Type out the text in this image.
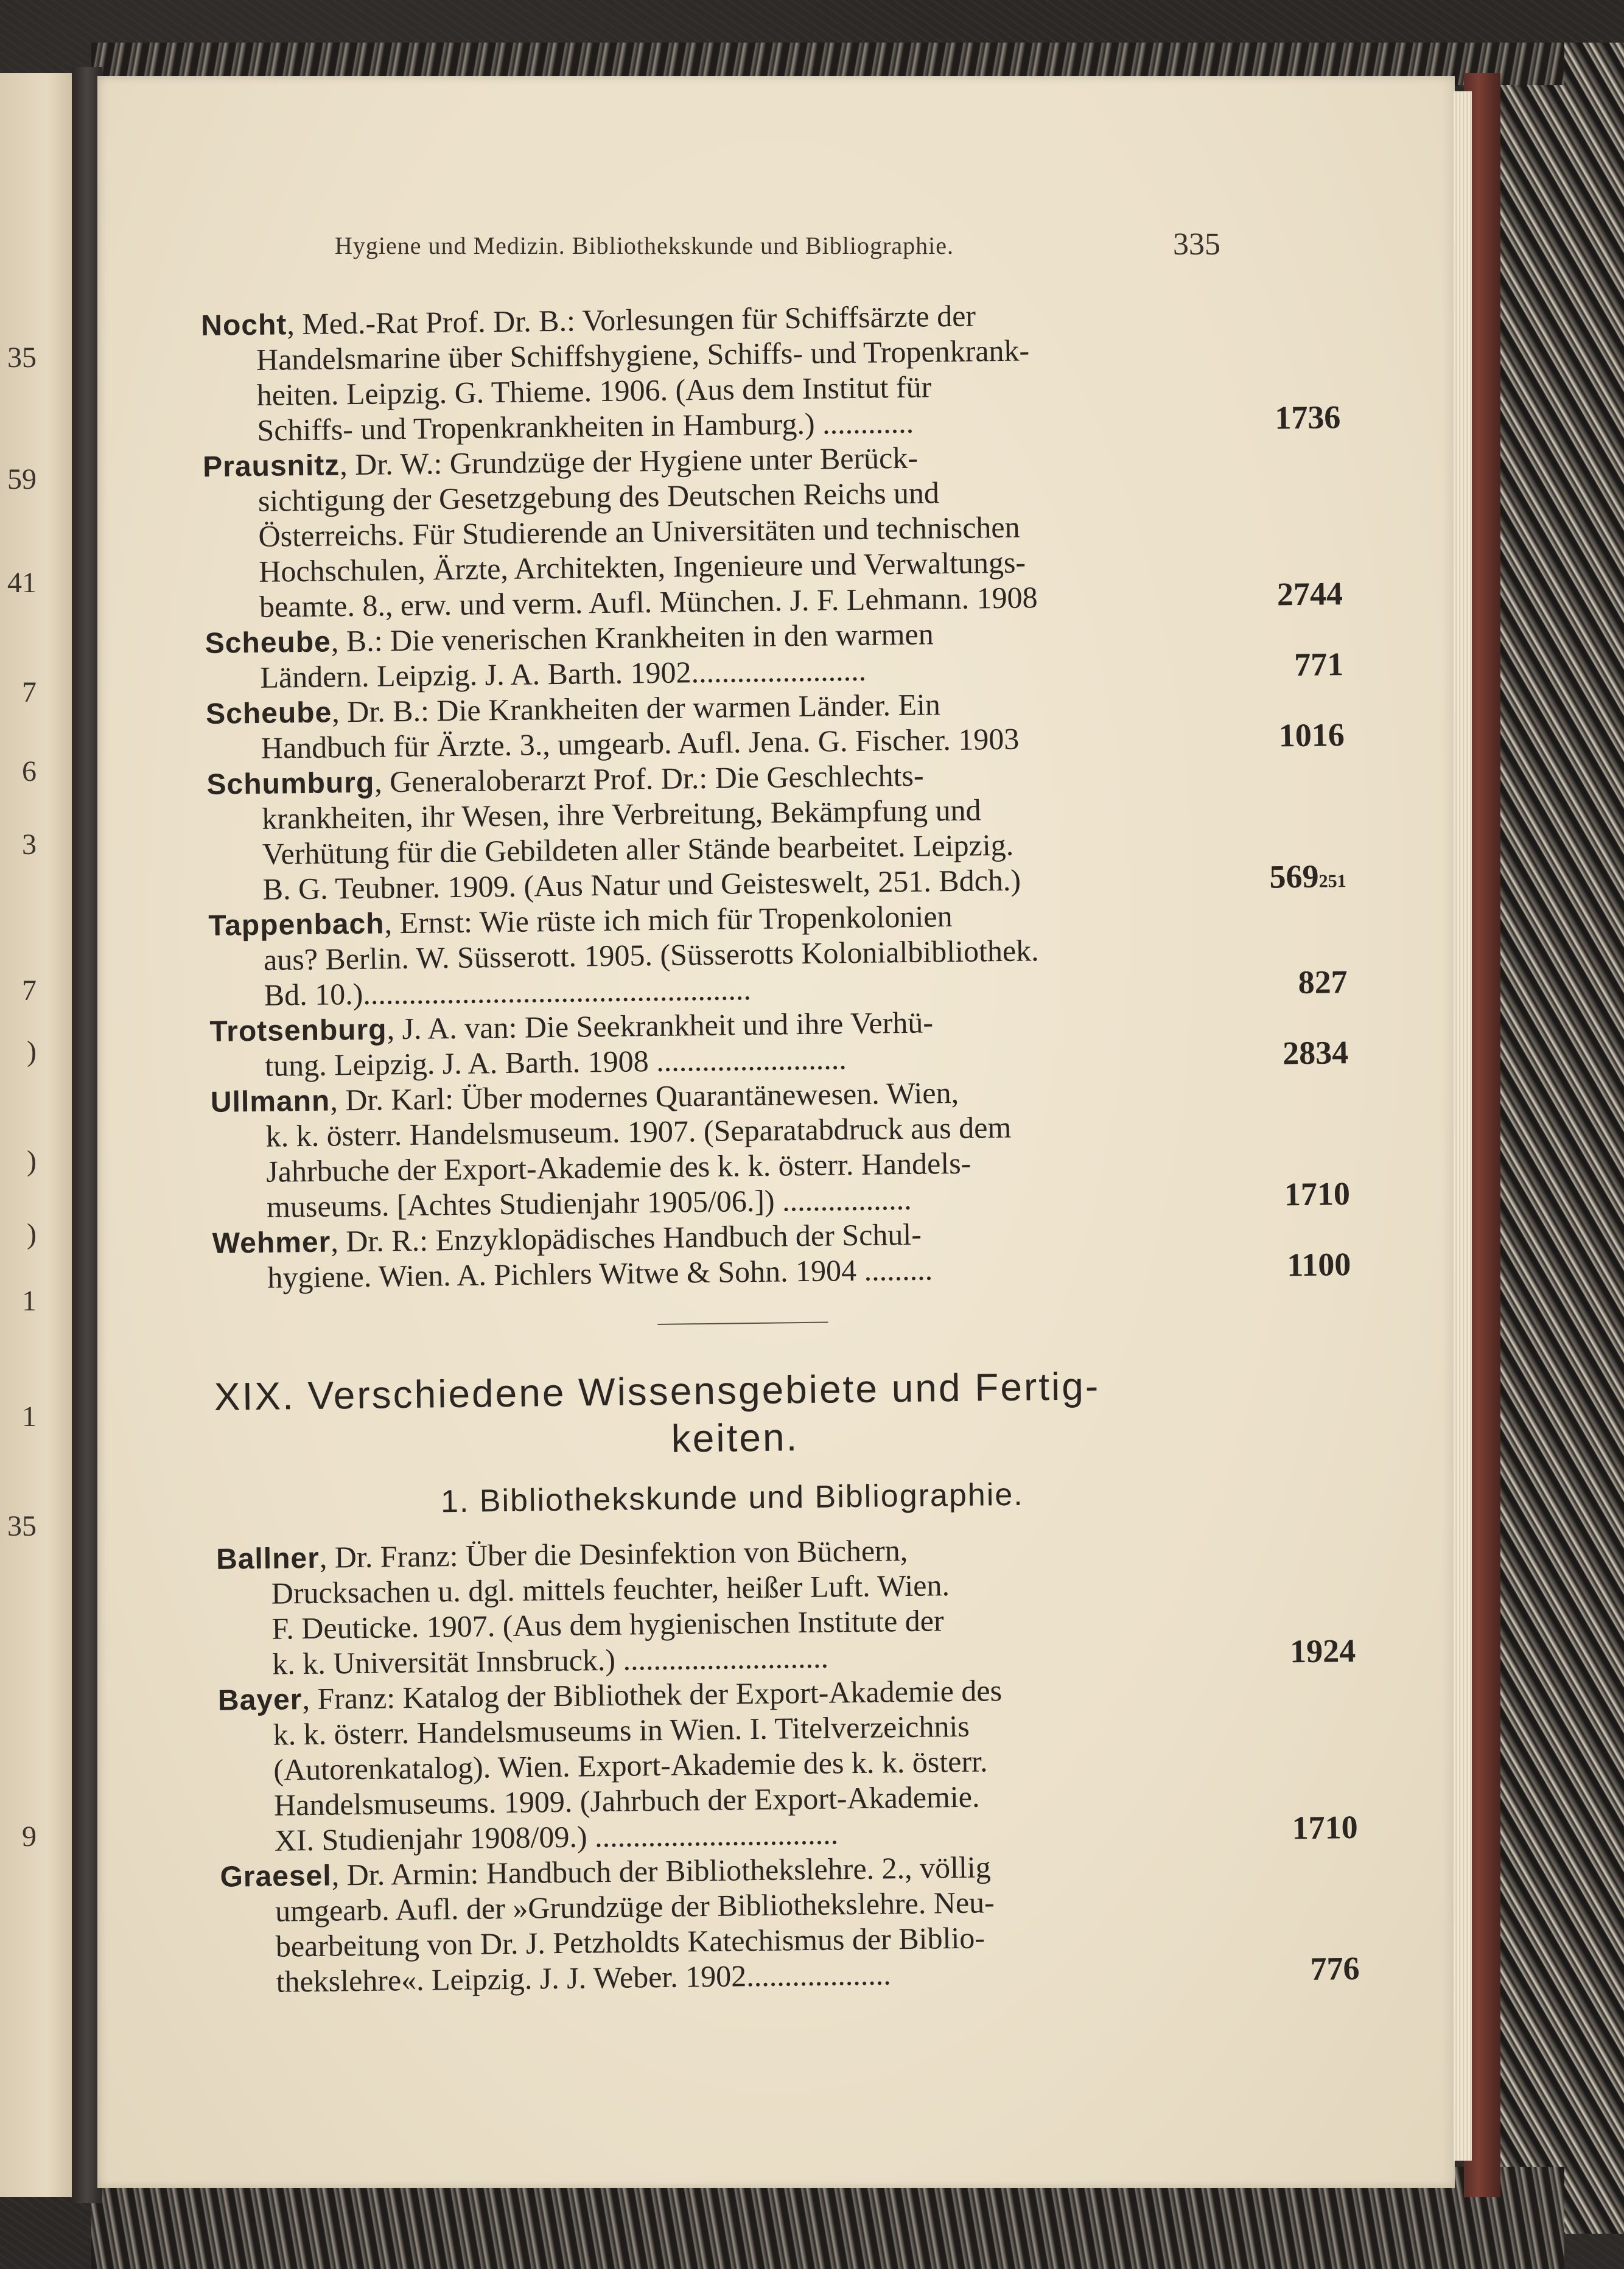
35
59
41
7
6
3
7
)
)
)
1
1
35
9
Hygiene und Medizin. Bibliothekskunde und Bibliographie.	335
Nocht, Med.-Rat Prof. Dr. B.: Vorlesungen für Schiffsärzte der
Handelsmarine über Schiffshygiene, Schiffs- und Tropenkrank-
heiten. Leipzig. G. Thieme. 1906. (Aus dem Institut für
Schiffs- und Tropenkrankheiten in Hamburg.) ............	1736
Prausnitz, Dr. W.: Grundzüge der Hygiene unter Berück-
sichtigung der Gesetzgebung des Deutschen Reichs und
Österreichs. Für Studierende an Universitäten und technischen
Hochschulen, Ärzte, Architekten, Ingenieure und Verwaltungs-
beamte. 8., erw. und verm. Aufl. München. J. F. Lehmann. 1908	2744
Scheube, B.: Die venerischen Krankheiten in den warmen
Ländern. Leipzig. J. A. Barth. 1902.......................	771
Scheube, Dr. B.: Die Krankheiten der warmen Länder. Ein
Handbuch für Ärzte. 3., umgearb. Aufl. Jena. G. Fischer. 1903	1016
Schumburg, Generaloberarzt Prof. Dr.: Die Geschlechts-
krankheiten, ihr Wesen, ihre Verbreitung, Bekämpfung und
Verhütung für die Gebildeten aller Stände bearbeitet. Leipzig.
B. G. Teubner. 1909. (Aus Natur und Geisteswelt, 251. Bdch.)	569251
Tappenbach, Ernst: Wie rüste ich mich für Tropenkolonien
aus? Berlin. W. Süsserott. 1905. (Süsserotts Kolonialbibliothek.
Bd. 10.)...................................................	827
Trotsenburg, J. A. van: Die Seekrankheit und ihre Verhü-
tung. Leipzig. J. A. Barth. 1908 .........................	2834
Ullmann, Dr. Karl: Über modernes Quarantänewesen. Wien,
k. k. österr. Handelsmuseum. 1907. (Separatabdruck aus dem
Jahrbuche der Export-Akademie des k. k. österr. Handels-
museums. [Achtes Studienjahr 1905/06.]) .................	1710
Wehmer, Dr. R.: Enzyklopädisches Handbuch der Schul-
hygiene. Wien. A. Pichlers Witwe & Sohn. 1904 .........	1100
XIX. Verschiedene Wissensgebiete und Fertig-
keiten.
1. Bibliothekskunde und Bibliographie.
Ballner, Dr. Franz: Über die Desinfektion von Büchern,
Drucksachen u. dgl. mittels feuchter, heißer Luft. Wien.
F. Deuticke. 1907. (Aus dem hygienischen Institute der
k. k. Universität Innsbruck.) ...........................	1924
Bayer, Franz: Katalog der Bibliothek der Export-Akademie des
k. k. österr. Handelsmuseums in Wien. I. Titelverzeichnis
(Autorenkatalog). Wien. Export-Akademie des k. k. österr.
Handelsmuseums. 1909. (Jahrbuch der Export-Akademie.
XI. Studienjahr 1908/09.) ................................	1710
Graesel, Dr. Armin: Handbuch der Bibliothekslehre. 2., völlig
umgearb. Aufl. der »Grundzüge der Bibliothekslehre. Neu-
bearbeitung von Dr. J. Petzholdts Katechismus der Biblio-
thekslehre«. Leipzig. J. J. Weber. 1902...................	776
